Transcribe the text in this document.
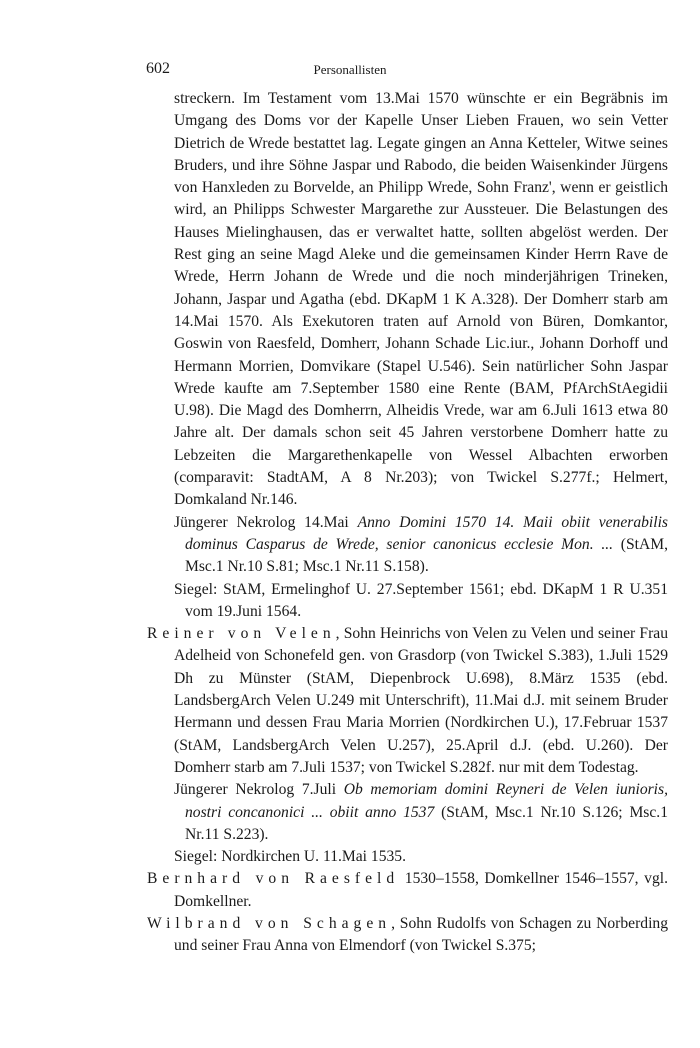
602	Personallisten
streckern. Im Testament vom 13.Mai 1570 wünschte er ein Begräbnis im Umgang des Doms vor der Kapelle Unser Lieben Frauen, wo sein Vetter Dietrich de Wrede bestattet lag. Legate gingen an Anna Ketteler, Witwe seines Bruders, und ihre Söhne Jaspar und Rabodo, die beiden Waisenkinder Jürgens von Hanxleden zu Borvelde, an Philipp Wrede, Sohn Franz', wenn er geistlich wird, an Philipps Schwester Margarethe zur Aussteuer. Die Belastungen des Hauses Mielinghausen, das er verwaltet hatte, sollten abgelöst werden. Der Rest ging an seine Magd Aleke und die gemeinsamen Kinder Herrn Rave de Wrede, Herrn Johann de Wrede und die noch minderjährigen Trineken, Johann, Jaspar und Agatha (ebd. DKapM 1 K A.328). Der Domherr starb am 14.Mai 1570. Als Exekutoren traten auf Arnold von Büren, Domkantor, Goswin von Raesfeld, Domherr, Johann Schade Lic.iur., Johann Dorhoff und Hermann Morrien, Domvikare (Stapel U.546). Sein natürlicher Sohn Jaspar Wrede kaufte am 7.September 1580 eine Rente (BAM, PfArchStAegidii U.98). Die Magd des Domherrn, Alheidis Vrede, war am 6.Juli 1613 etwa 80 Jahre alt. Der damals schon seit 45 Jahren verstorbene Domherr hatte zu Lebzeiten die Margarethenkapelle von Wessel Albachten erworben (comparavit: StadtAM, A 8 Nr.203); von Twickel S.277f.; Helmert, Domkaland Nr.146.
Jüngerer Nekrolog 14.Mai Anno Domini 1570 14. Maii obiit venerabilis dominus Casparus de Wrede, senior canonicus ecclesie Mon. ... (StAM, Msc.1 Nr.10 S.81; Msc.1 Nr.11 S.158).
Siegel: StAM, Ermelinghof U. 27.September 1561; ebd. DKapM 1 R U.351 vom 19.Juni 1564.
Reiner von Velen, Sohn Heinrichs von Velen zu Velen und seiner Frau Adelheid von Schonefeld gen. von Grasdorp (von Twickel S.383), 1.Juli 1529 Dh zu Münster (StAM, Diepenbrock U.698), 8.März 1535 (ebd. LandsbergArch Velen U.249 mit Unterschrift), 11.Mai d.J. mit seinem Bruder Hermann und dessen Frau Maria Morrien (Nordkirchen U.), 17.Februar 1537 (StAM, LandsbergArch Velen U.257), 25.April d.J. (ebd. U.260). Der Domherr starb am 7.Juli 1537; von Twickel S.282f. nur mit dem Todestag.
Jüngerer Nekrolog 7.Juli Ob memoriam domini Reyneri de Velen iunioris, nostri concanonici ... obiit anno 1537 (StAM, Msc.1 Nr.10 S.126; Msc.1 Nr.11 S.223).
Siegel: Nordkirchen U. 11.Mai 1535.
Bernhard von Raesfeld 1530–1558, Domkellner 1546–1557, vgl. Domkellner.
Wilbrand von Schagen, Sohn Rudolfs von Schagen zu Norberding und seiner Frau Anna von Elmendorf (von Twickel S.375;
